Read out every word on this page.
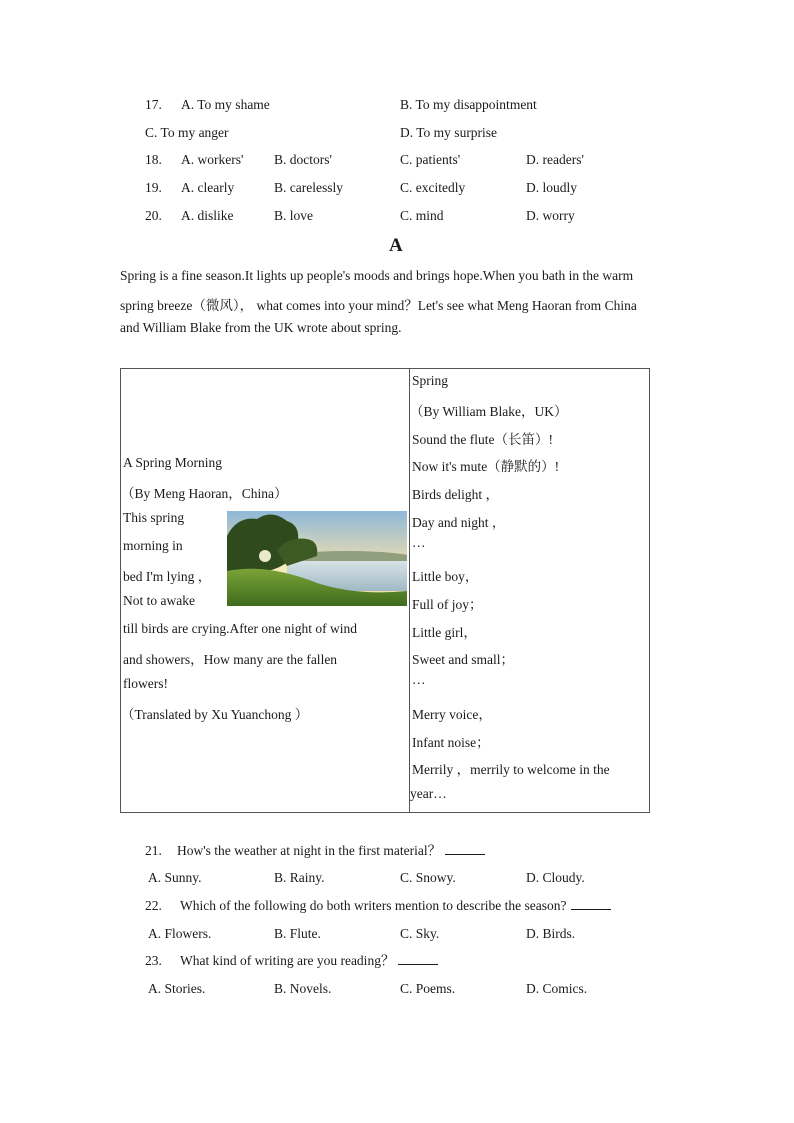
17. A. To my shame	B. To my disappointment
C. To my anger	D. To my surprise
18. A. workers' B. doctors'	C. patients'	D. readers'
19. A. clearly	B. carelessly	C. excitedly	D. loudly
20. A. dislike	B. love	C. mind	D. worry
A
Spring is a fine season.It lights up people's moods and brings hope.When you bath in the warm
spring breeze（微风）， what comes into your mind？Let's see what Meng Haoran from China
and William Blake from the UK wrote about spring.
A Spring Morning
（By Meng Haoran，China）
This spring
morning in
bed I'm lying ，
Not to awake
till birds are crying.After one night of wind
and showers，How many are the fallen
flowers!
（Translated by Xu Yuanchong ）

Spring
（By William Blake，UK）
Sound the flute（长笛）!
Now it's mute（静默的）!
Birds delight ，
Day and night ，
…
Little boy，
Full of joy；
Little girl，
Sweet and small；
…
Merry voice，
Infant noise；
Merrily ，merrily to welcome in the
year…
21. How's the weather at night in the first material？
A. Sunny.	B. Rainy.	C. Snowy.	D. Cloudy.
22. Which of the following do both writers mention to describe the season?
A. Flowers.	B. Flute.	C. Sky.	D. Birds.
23. What kind of writing are you reading？
A. Stories.	B. Novels.	C. Poems.	D. Comics.
